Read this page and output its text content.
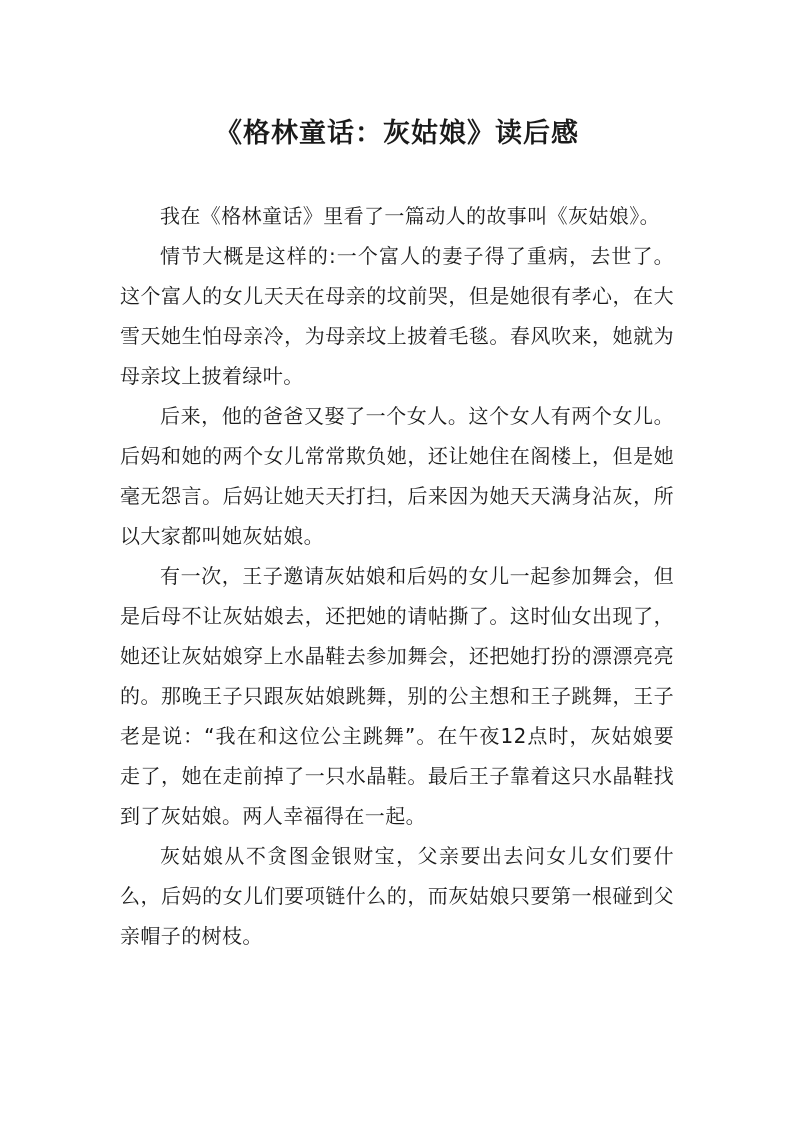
《格林童话：灰姑娘》读后感

我在《格林童话》里看了一篇动人的故事叫《灰姑娘》。

情节大概是这样的:一个富人的妻子得了重病，去世了。这个富人的女儿天天在母亲的坟前哭，但是她很有孝心，在大雪天她生怕母亲冷，为母亲坟上披着毛毯。春风吹来，她就为母亲坟上披着绿叶。

后来，他的爸爸又娶了一个女人。这个女人有两个女儿。后妈和她的两个女儿常常欺负她，还让她住在阁楼上，但是她毫无怨言。后妈让她天天打扫，后来因为她天天满身沾灰，所以大家都叫她灰姑娘。

有一次，王子邀请灰姑娘和后妈的女儿一起参加舞会，但是后母不让灰姑娘去，还把她的请帖撕了。这时仙女出现了，她还让灰姑娘穿上水晶鞋去参加舞会，还把她打扮的漂漂亮亮的。那晚王子只跟灰姑娘跳舞，别的公主想和王子跳舞，王子老是说：“我在和这位公主跳舞”。在午夜12点时，灰姑娘要走了，她在走前掉了一只水晶鞋。最后王子靠着这只水晶鞋找到了灰姑娘。两人幸福得在一起。

灰姑娘从不贪图金银财宝，父亲要出去问女儿女们要什么，后妈的女儿们要项链什么的，而灰姑娘只要第一根碰到父亲帽子的树枝。
